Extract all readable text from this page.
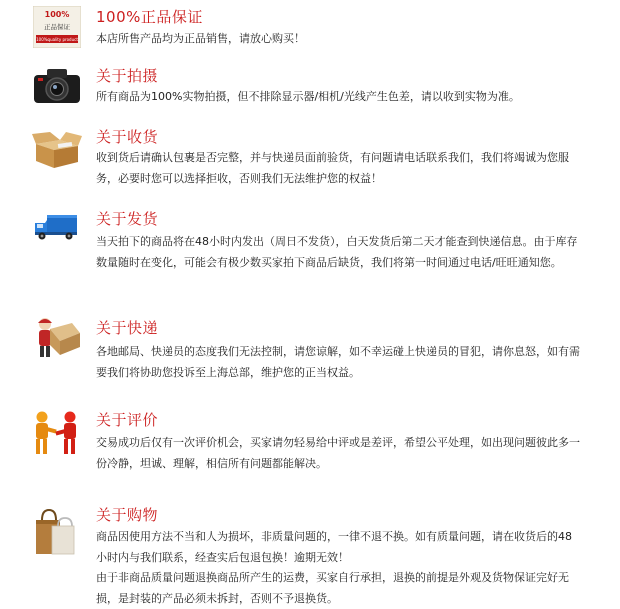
100%
正品保证
100%quality product
100%正品保证

本店所售产品均为正品销售，请放心购买！

关于拍摄

所有商品为100%实物拍摄，但不排除显示器/相机/光线产生色差，请以收到实物为准。

关于收货

收到货后请确认包裹是否完整，并与快递员面前验货，有问题请电话联系我们，我们将竭诚为您服务，必要时您可以选择拒收，否则我们无法维护您的权益！

关于发货

当天拍下的商品将在48小时内发出（周日不发货），白天发货后第二天才能查到快递信息。由于库存数量随时在变化，可能会有极少数买家拍下商品后缺货，我们将第一时间通过电话/旺旺通知您。

关于快递

各地邮局、快递员的态度我们无法控制，请您谅解，如不幸运碰上快递员的冒犯，请你息怒，如有需要我们将协助您投诉至上海总部，维护您的正当权益。

关于评价

交易成功后仅有一次评价机会，买家请勿轻易给中评或是差评，希望公平处理，如出现问题彼此多一份冷静，坦诚、理解，相信所有问题都能解决。

关于购物

商品因使用方法不当和人为损坏，非质量问题的，一律不退不换。如有质量问题，请在收货后的48小时内与我们联系，经查实后包退包换！逾期无效！

由于非商品质量问题退换商品所产生的运费，买家自行承担，退换的前提是外观及货物保证完好无损，是封装的产品必须未拆封，否则不予退换货。
